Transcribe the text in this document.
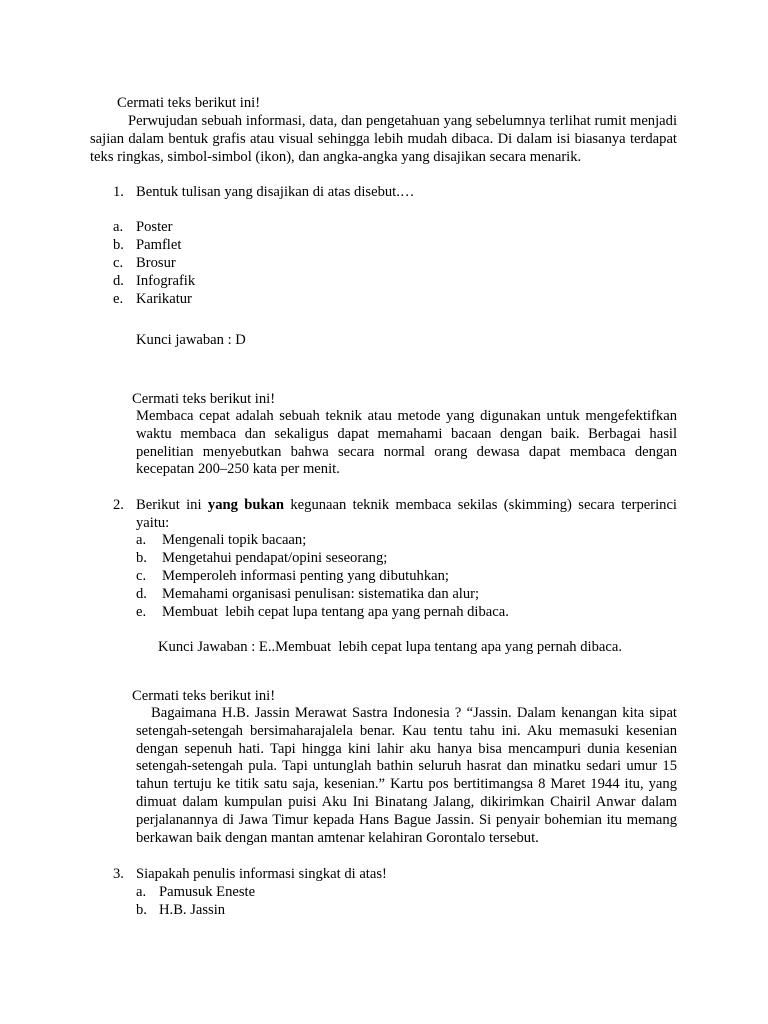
Cermati teks berikut ini!
Perwujudan sebuah informasi, data, dan pengetahuan yang sebelumnya terlihat rumit menjadi sajian dalam bentuk grafis atau visual sehingga lebih mudah dibaca. Di dalam isi biasanya terdapat teks ringkas, simbol-simbol (ikon), dan angka-angka yang disajikan secara menarik.
1. Bentuk tulisan yang disajikan di atas disebut.…
a. Poster
b. Pamflet
c. Brosur
d. Infografik
e. Karikatur
Kunci jawaban : D
Cermati teks berikut ini!
Membaca cepat adalah sebuah teknik atau metode yang digunakan untuk mengefektifkan waktu membaca dan sekaligus dapat memahami bacaan dengan baik. Berbagai hasil penelitian menyebutkan bahwa secara normal orang dewasa dapat membaca dengan kecepatan 200–250 kata per menit.
2. Berikut ini yang bukan kegunaan teknik membaca sekilas (skimming) secara terperinci yaitu:
a. Mengenali topik bacaan;
b. Mengetahui pendapat/opini seseorang;
c. Memperoleh informasi penting yang dibutuhkan;
d. Memahami organisasi penulisan: sistematika dan alur;
e. Membuat  lebih cepat lupa tentang apa yang pernah dibaca.
Kunci Jawaban : E..Membuat  lebih cepat lupa tentang apa yang pernah dibaca.
Cermati teks berikut ini!
Bagaimana H.B. Jassin Merawat Sastra Indonesia ? “Jassin. Dalam kenangan kita sipat setengah-setengah bersimaharajalela benar. Kau tentu tahu ini. Aku memasuki kesenian dengan sepenuh hati. Tapi hingga kini lahir aku hanya bisa mencampuri dunia kesenian setengah-setengah pula. Tapi untunglah bathin seluruh hasrat dan minatku sedari umur 15 tahun tertuju ke titik satu saja, kesenian.” Kartu pos bertitimangsa 8 Maret 1944 itu, yang dimuat dalam kumpulan puisi Aku Ini Binatang Jalang, dikirimkan Chairil Anwar dalam perjalanannya di Jawa Timur kepada Hans Bague Jassin. Si penyair bohemian itu memang berkawan baik dengan mantan amtenar kelahiran Gorontalo tersebut.
3. Siapakah penulis informasi singkat di atas!
a. Pamusuk Eneste
b. H.B. Jassin
